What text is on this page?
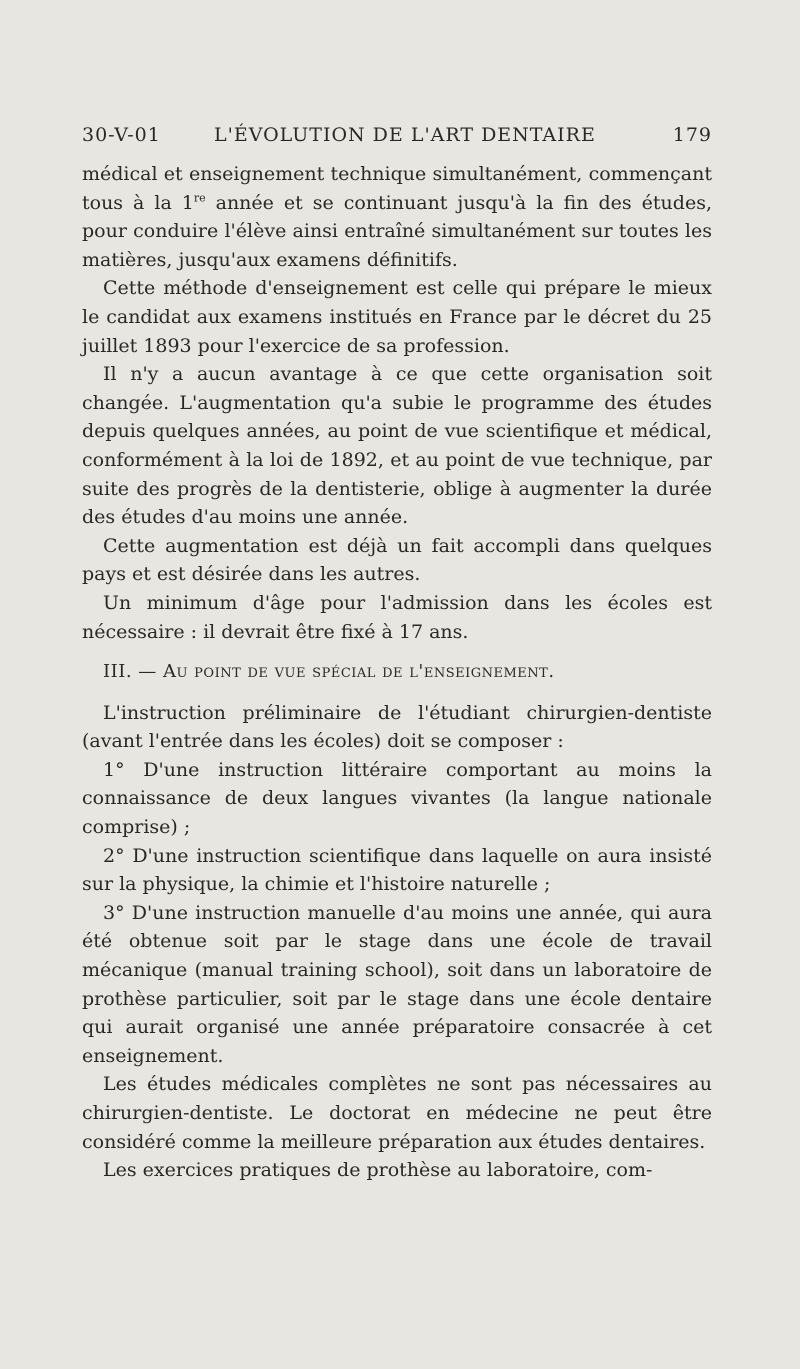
30-V-01	L'ÉVOLUTION DE L'ART DENTAIRE	179

médical et enseignement technique simultanément, commençant tous à la 1re année et se continuant jusqu'à la fin des études, pour conduire l'élève ainsi entraîné simultanément sur toutes les matières, jusqu'aux examens définitifs.

Cette méthode d'enseignement est celle qui prépare le mieux le candidat aux examens institués en France par le décret du 25 juillet 1893 pour l'exercice de sa profession.

Il n'y a aucun avantage à ce que cette organisation soit changée. L'augmentation qu'a subie le programme des études depuis quelques années, au point de vue scientifique et médical, conformément à la loi de 1892, et au point de vue technique, par suite des progrès de la dentisterie, oblige à augmenter la durée des études d'au moins une année.

Cette augmentation est déjà un fait accompli dans quelques pays et est désirée dans les autres.

Un minimum d'âge pour l'admission dans les écoles est nécessaire : il devrait être fixé à 17 ans.

III. — Au point de vue spécial de l'enseignement.

L'instruction préliminaire de l'étudiant chirurgien-dentiste (avant l'entrée dans les écoles) doit se composer :

1° D'une instruction littéraire comportant au moins la connaissance de deux langues vivantes (la langue nationale comprise) ;

2° D'une instruction scientifique dans laquelle on aura insisté sur la physique, la chimie et l'histoire naturelle ;

3° D'une instruction manuelle d'au moins une année, qui aura été obtenue soit par le stage dans une école de travail mécanique (manual training school), soit dans un laboratoire de prothèse particulier, soit par le stage dans une école dentaire qui aurait organisé une année préparatoire consacrée à cet enseignement.

Les études médicales complètes ne sont pas nécessaires au chirurgien-dentiste. Le doctorat en médecine ne peut être considéré comme la meilleure préparation aux études dentaires.

Les exercices pratiques de prothèse au laboratoire, com-
